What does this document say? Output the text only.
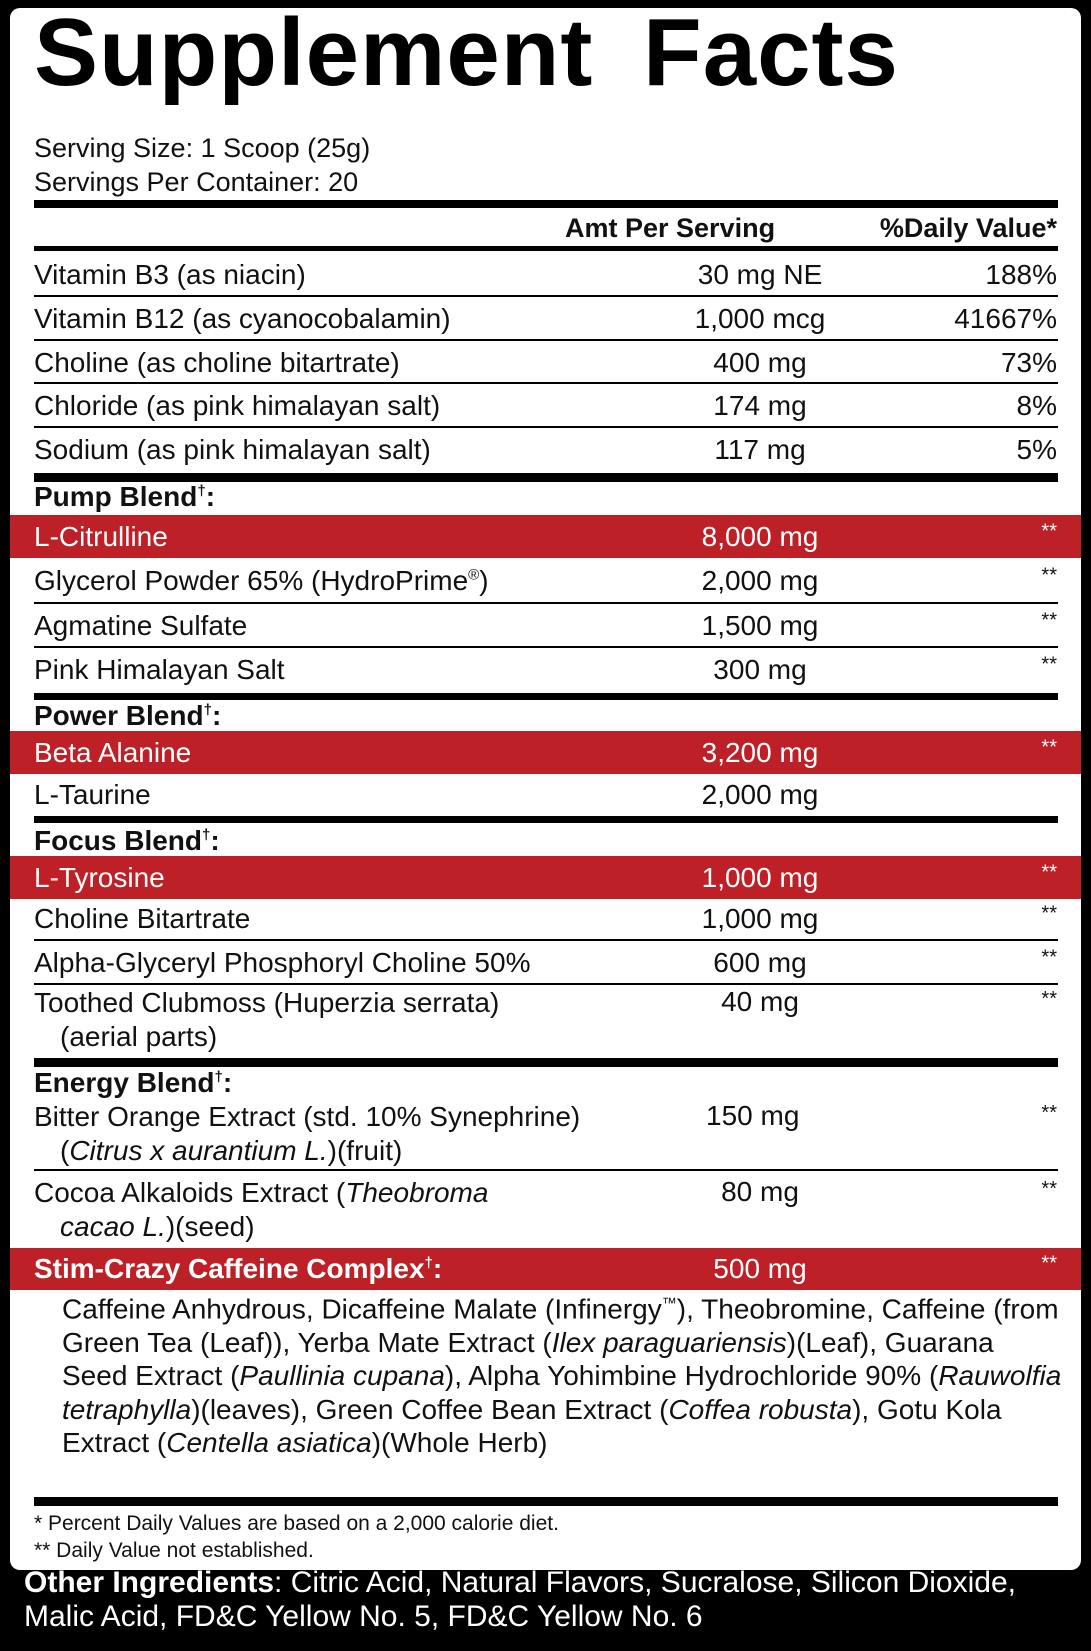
Supplement Facts
Serving Size: 1 Scoop (25g)
Servings Per Container: 20
Amt Per Serving	%Daily Value*
Vitamin B3 (as niacin)	30 mg NE	188%
Vitamin B12 (as cyanocobalamin)	1,000 mcg	41667%
Choline (as choline bitartrate)	400 mg	73%
Chloride (as pink himalayan salt)	174 mg	8%
Sodium (as pink himalayan salt)	117 mg	5%
Pump Blend†:
L-Citrulline	8,000 mg	**
Glycerol Powder 65% (HydroPrime®)	2,000 mg	**
Agmatine Sulfate	1,500 mg	**
Pink Himalayan Salt	300 mg	**
Power Blend†:
Beta Alanine	3,200 mg	**
L-Taurine	2,000 mg
Focus Blend†:
L-Tyrosine	1,000 mg	**
Choline Bitartrate	1,000 mg	**
Alpha-Glyceryl Phosphoryl Choline 50%	600 mg	**
Toothed Clubmoss (Huperzia serrata)
(aerial parts)
40 mg	**
Energy Blend†:
Bitter Orange Extract (std. 10% Synephrine)
(Citrus x aurantium L.)(fruit)
150 mg	**
Cocoa Alkaloids Extract (Theobroma
cacao L.)(seed)
80 mg	**
Stim-Crazy Caffeine Complex†:	500 mg	**
Caffeine Anhydrous, Dicaffeine Malate (Infinergy™), Theobromine, Caffeine (from Green Tea (Leaf)), Yerba Mate Extract (Ilex paraguariensis)(Leaf), Guarana Seed Extract (Paullinia cupana), Alpha Yohimbine Hydrochloride 90% (Rauwolfia tetraphylla)(leaves), Green Coffee Bean Extract (Coffea robusta), Gotu Kola Extract (Centella asiatica)(Whole Herb)
* Percent Daily Values are based on a 2,000 calorie diet.
** Daily Value not established.
Other Ingredients: Citric Acid, Natural Flavors, Sucralose, Silicon Dioxide, Malic Acid, FD&C Yellow No. 5, FD&C Yellow No. 6
